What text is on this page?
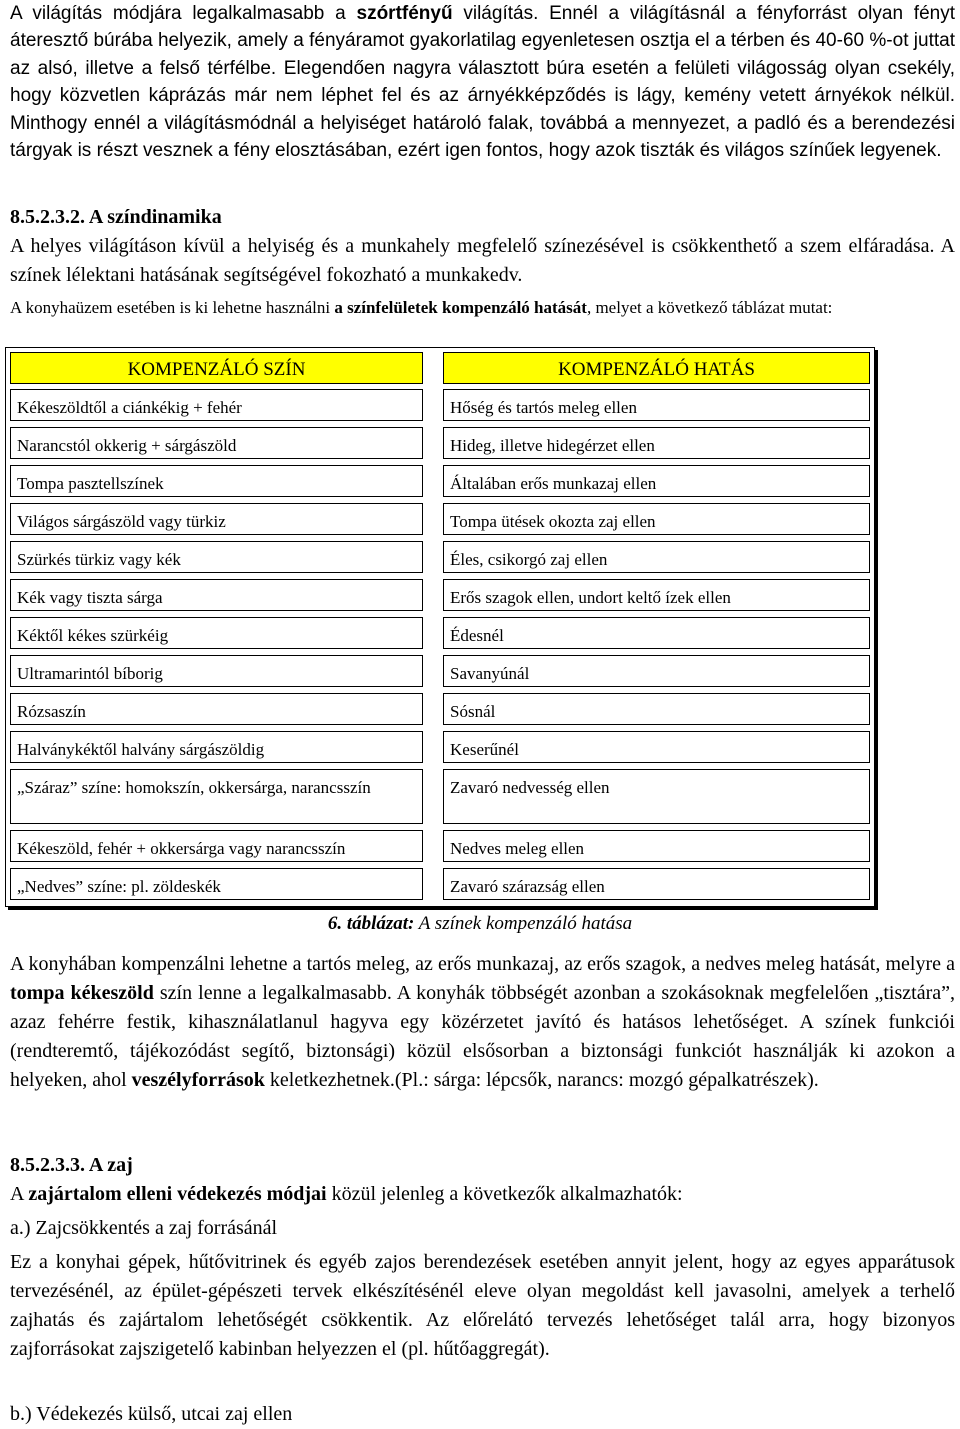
A világítás módjára legalkalmasabb a szórtfényű világítás. Ennél a világításnál a fényforrást olyan fényt áteresztő búrába helyezik, amely a fényáramot gyakorlatilag egyenletesen osztja el a térben és 40-60 %-ot juttat az alsó, illetve a felső térfélbe. Elegendően nagyra választott búra esetén a felületi világosság olyan csekély, hogy közvetlen káprázás már nem léphet fel és az árnyékképződés is lágy, kemény vetett árnyékok nélkül. Minthogy ennél a világításmódnál a helyiséget határoló falak, továbbá a mennyezet, a padló és a berendezési tárgyak is részt vesznek a fény elosztásában, ezért igen fontos, hogy azok tiszták és világos színűek legyenek.

8.5.2.3.2. A színdinamika

A helyes világításon kívül a helyiség és a munkahely megfelelő színezésével is csökkenthető a szem elfáradása. A színek lélektani hatásának segítségével fokozható a munkakedv.

A konyhaüzem esetében is ki lehetne használni a színfelületek kompenzáló hatását, melyet a következő táblázat mutat:

KOMPENZÁLÓ SZÍN	KOMPENZÁLÓ HATÁS
Kékeszöldtől a ciánkékig + fehér	Hőség és tartós meleg ellen
Narancstól okkerig + sárgászöld	Hideg, illetve hidegérzet ellen
Tompa pasztellszínek	Általában erős munkazaj ellen
Világos sárgászöld vagy türkiz	Tompa ütések okozta zaj ellen
Szürkés türkiz vagy kék	Éles, csikorgó zaj ellen
Kék vagy tiszta sárga	Erős szagok ellen, undort keltő ízek ellen
Kéktől kékes szürkéig	Édesnél
Ultramarintól bíborig	Savanyúnál
Rózsaszín	Sósnál
Halványkéktől halvány sárgászöldig	Keserűnél
„Száraz” színe: homokszín, okkersárga, narancsszín	Zavaró nedvesség ellen
Kékeszöld, fehér + okkersárga vagy narancsszín	Nedves meleg ellen
„Nedves” színe: pl. zöldeskék	Zavaró szárazság ellen
6. táblázat: A színek kompenzáló hatása

A konyhában kompenzálni lehetne a tartós meleg, az erős munkazaj, az erős szagok, a nedves meleg hatását, melyre a tompa kékeszöld szín lenne a legalkalmasabb. A konyhák többségét azonban a szokásoknak megfelelően „tisztára”, azaz fehérre festik, kihasználatlanul hagyva egy közérzetet javító és hatásos lehetőséget. A színek funkciói (rendteremtő, tájékozódást segítő, biztonsági) közül elsősorban a biztonsági funkciót használják ki azokon a helyeken, ahol veszélyforrások keletkezhetnek.(Pl.: sárga: lépcsők, narancs: mozgó gépalkatrészek).

8.5.2.3.3. A zaj

A zajártalom elleni védekezés módjai közül jelenleg a következők alkalmazhatók:

a.) Zajcsökkentés a zaj forrásánál

Ez a konyhai gépek, hűtővitrinek és egyéb zajos berendezések esetében annyit jelent, hogy az egyes apparátusok tervezésénél, az épület-gépészeti tervek elkészítésénél eleve olyan megoldást kell javasolni, amelyek a terhelő zajhatás és zajártalom lehetőségét csökkentik. Az előrelátó tervezés lehetőséget talál arra, hogy bizonyos zajforrásokat zajszigetelő kabinban helyezzen el (pl. hűtőaggregát).

b.) Védekezés külső, utcai zaj ellen
